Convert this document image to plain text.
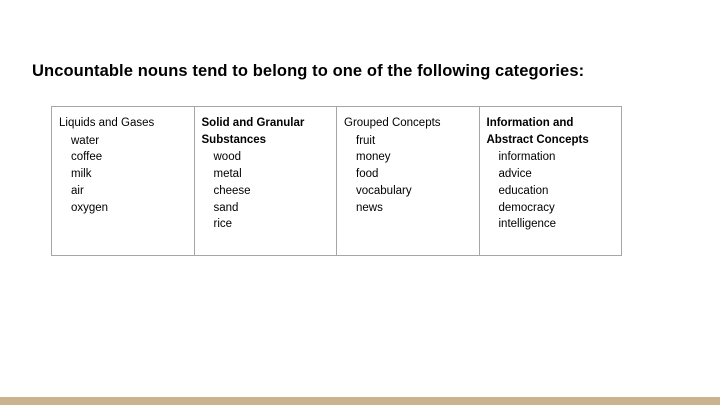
Uncountable nouns tend to belong to one of the following categories:
Liquids and Gases
water
coffee
milk
air
oxygen
Solid and Granular
Substances
wood
metal
cheese
sand
rice
Grouped Concepts
fruit
money
food
vocabulary
news
Information and
Abstract Concepts
information
advice
education
democracy
intelligence
